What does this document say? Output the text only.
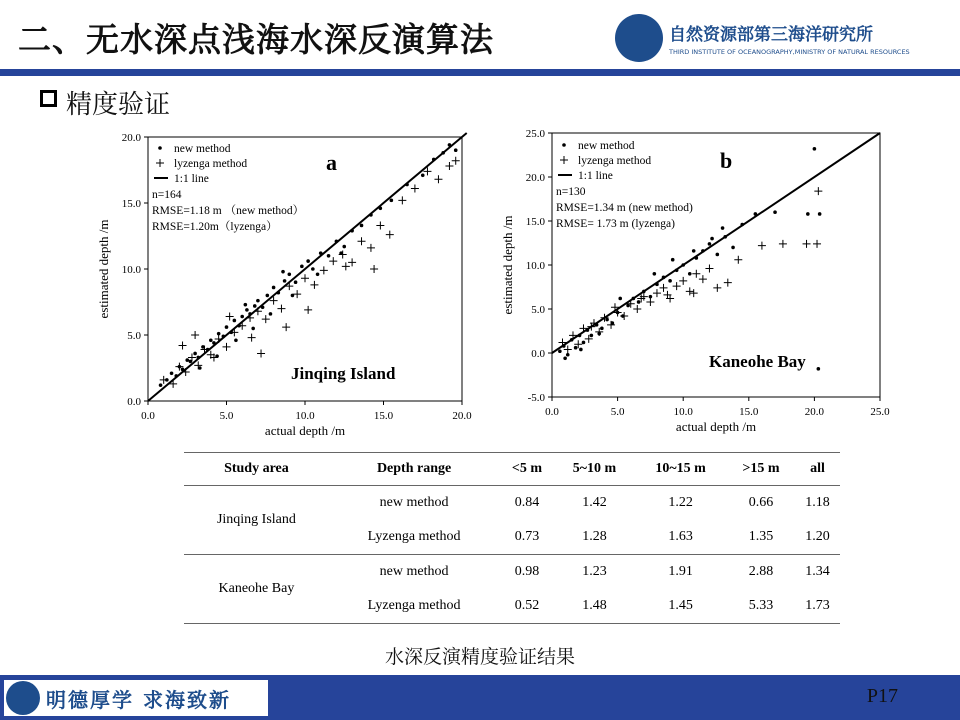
二、无水深点浅海水深反演算法	自然资源部第三海洋研究所
THIRD INSTITUTE OF OCEANOGRAPHY,MINISTRY OF NATURAL RESOURCES
精度验证
0.0	5.0	10.0	15.0	20.0
0.0
5.0
10.0
15.0
20.0
actual depth /m
estimated depth /m
new method
lyzenga method
1:1 line
n=164
RMSE=1.18 m （new method）
RMSE=1.20m（lyzenga）
a
Jinqing Island
0.0	5.0	10.0	15.0	20.0	25.0
-5.0
0.0
5.0
10.0
15.0
20.0
25.0
actual depth /m
estimated depth /m
new method
lyzenga method
1:1 line
n=130
RMSE=1.34 m (new method)
RMSE= 1.73 m (lyzenga)
b
Kaneohe Bay
Study area	Depth range	<5 m	5~10 m	10~15 m	>15 m	all
Jinqing Island	new method	0.84	1.42	1.22	0.66	1.18
	Lyzenga method	0.73	1.28	1.63	1.35	1.20
Kaneohe Bay	new method	0.98	1.23	1.91	2.88	1.34
	Lyzenga method	0.52	1.48	1.45	5.33	1.73
水深反演精度验证结果
明德厚学 求海致新	P17
